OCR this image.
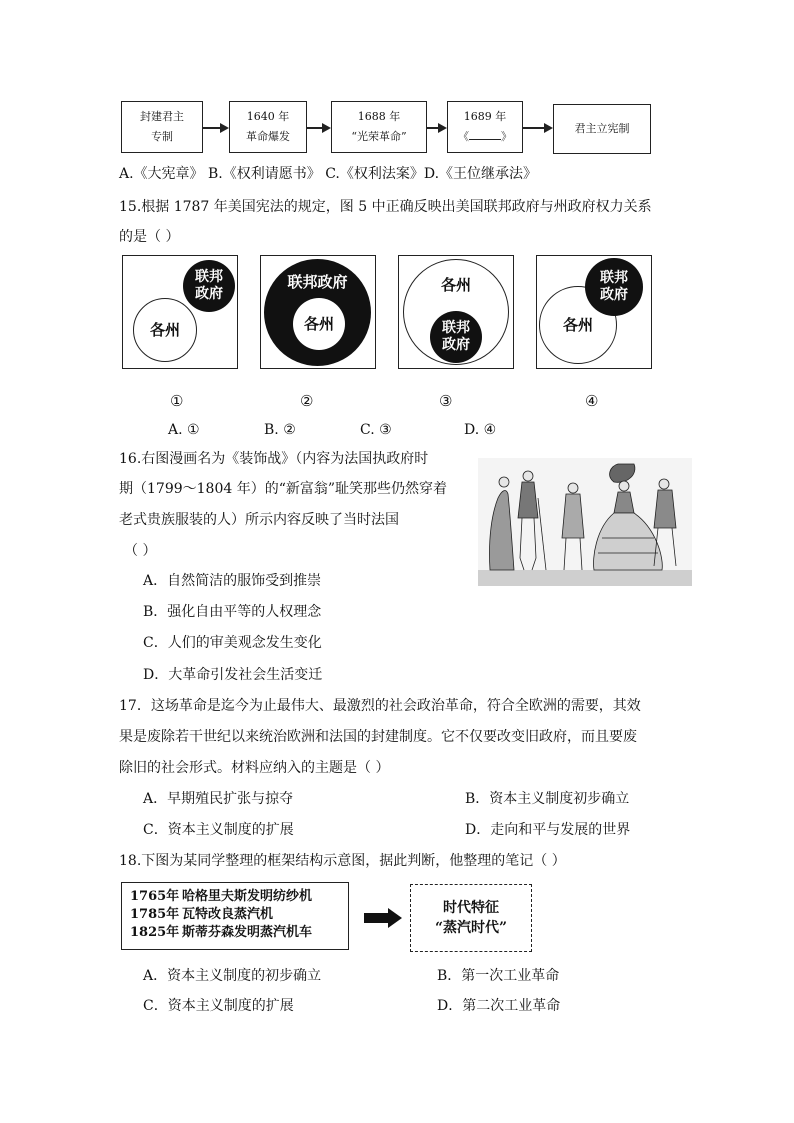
封建君主
专制
1640 年
革命爆发
1688 年
“光荣革命”
1689 年
《	》
君主立宪制
A.《大宪章》 B.《权利请愿书》 C.《权利法案》D.《王位继承法》
15.根据 1787 年美国宪法的规定，图 5 中正确反映出美国联邦政府与州政府权力关系
的是（ ）
联邦
政府
各州
联邦政府
各州
各州
联邦
政府
各州
联邦
政府
①	②	③	④
A. ①	B. ②	C. ③	D. ④
16.右图漫画名为《装饰战》（内容为法国执政府时
期（1799～1804 年）的“新富翁”耻笑那些仍然穿着
老式贵族服装的人）所示内容反映了当时法国
（ ）
A．自然简洁的服饰受到推崇
B．强化自由平等的人权理念
C．人们的审美观念发生变化
D．大革命引发社会生活变迁
17．这场革命是迄今为止最伟大、最激烈的社会政治革命，符合全欧洲的需要，其效
果是废除若干世纪以来统治欧洲和法国的封建制度。它不仅要改变旧政府，而且要废
除旧的社会形式。材料应纳入的主题是（ ）
A．早期殖民扩张与掠夺	B．资本主义制度初步确立
C．资本主义制度的扩展	D．走向和平与发展的世界
18.下图为某同学整理的框架结构示意图，据此判断，他整理的笔记（ ）
1765年 哈格里夫斯发明纺纱机
1785年 瓦特改良蒸汽机
1825年 斯蒂芬森发明蒸汽机车
时代特征
“蒸汽时代”
A．资本主义制度的初步确立	B．第一次工业革命
C．资本主义制度的扩展	D．第二次工业革命
